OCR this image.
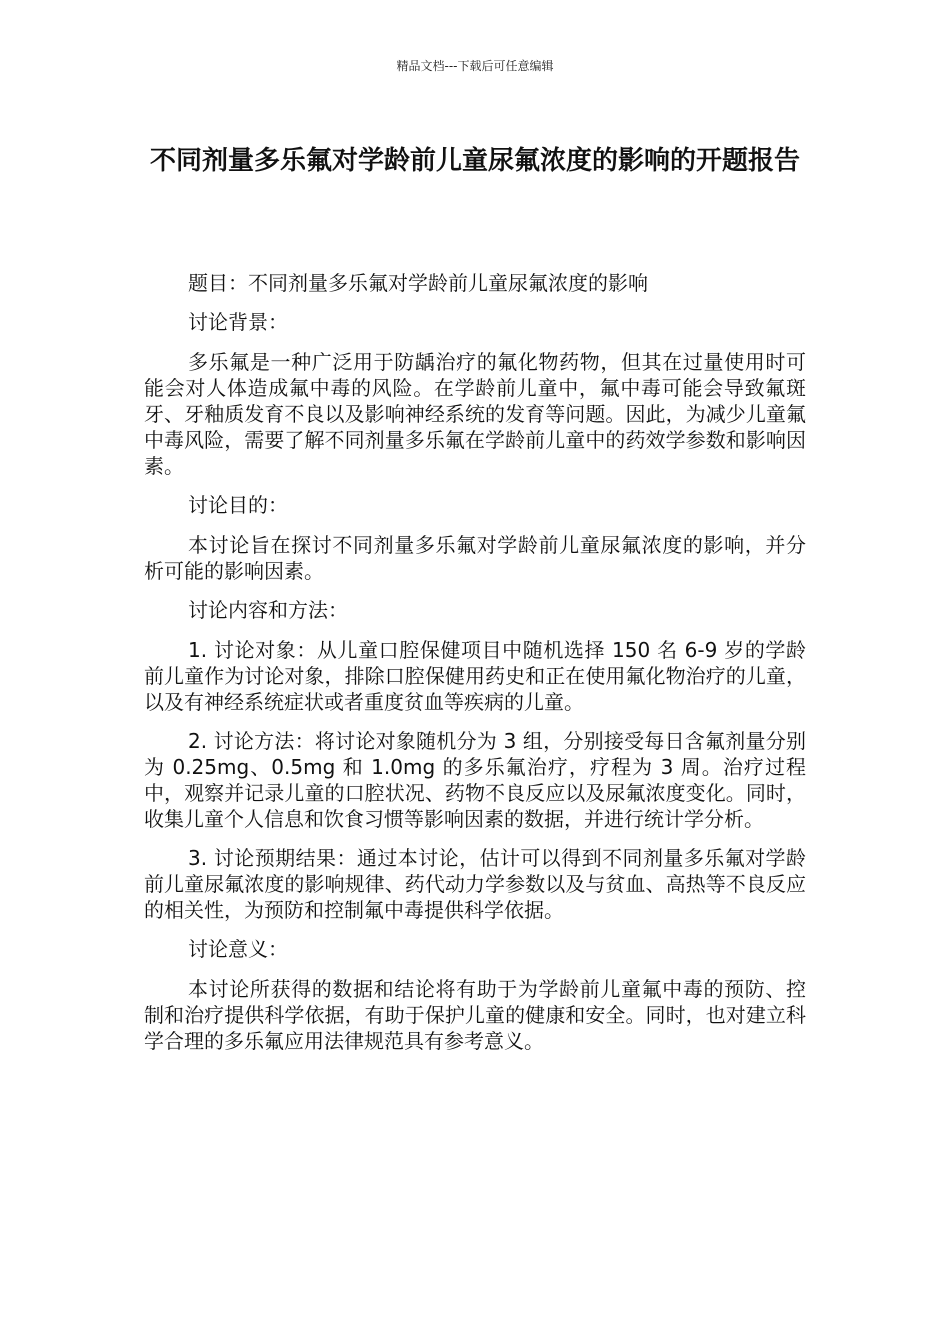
精品文档---下载后可任意编辑
不同剂量多乐氟对学龄前儿童尿氟浓度的影响的开题报告

题目：不同剂量多乐氟对学龄前儿童尿氟浓度的影响

讨论背景：

多乐氟是一种广泛用于防龋治疗的氟化物药物，但其在过量使用时可能会对人体造成氟中毒的风险。在学龄前儿童中，氟中毒可能会导致氟斑牙、牙釉质发育不良以及影响神经系统的发育等问题。因此，为减少儿童氟中毒风险，需要了解不同剂量多乐氟在学龄前儿童中的药效学参数和影响因素。

讨论目的：

本讨论旨在探讨不同剂量多乐氟对学龄前儿童尿氟浓度的影响，并分析可能的影响因素。

讨论内容和方法：

1. 讨论对象：从儿童口腔保健项目中随机选择 150 名 6-9 岁的学龄前儿童作为讨论对象，排除口腔保健用药史和正在使用氟化物治疗的儿童，以及有神经系统症状或者重度贫血等疾病的儿童。

2. 讨论方法：将讨论对象随机分为 3 组，分别接受每日含氟剂量分别为 0.25mg、0.5mg 和 1.0mg 的多乐氟治疗，疗程为 3 周。治疗过程中，观察并记录儿童的口腔状况、药物不良反应以及尿氟浓度变化。同时，收集儿童个人信息和饮食习惯等影响因素的数据，并进行统计学分析。

3. 讨论预期结果：通过本讨论，估计可以得到不同剂量多乐氟对学龄前儿童尿氟浓度的影响规律、药代动力学参数以及与贫血、高热等不良反应的相关性，为预防和控制氟中毒提供科学依据。

讨论意义：

本讨论所获得的数据和结论将有助于为学龄前儿童氟中毒的预防、控制和治疗提供科学依据，有助于保护儿童的健康和安全。同时，也对建立科学合理的多乐氟应用法律规范具有参考意义。
